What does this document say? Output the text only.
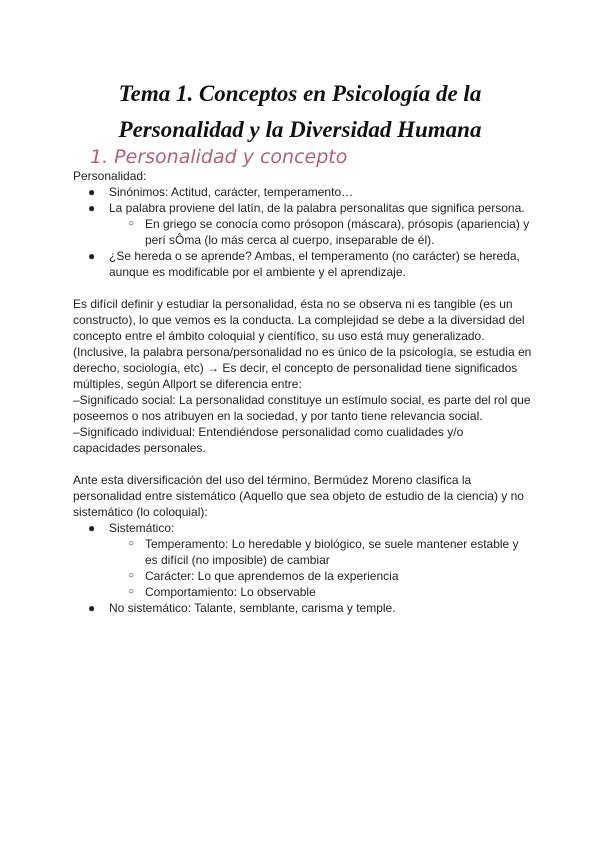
Tema 1. Conceptos en Psicología de la Personalidad y la Diversidad Humana
1. Personalidad y concepto

Personalidad:

● Sinónimos: Actitud, carácter, temperamento…
● La palabra proviene del latín, de la palabra personalitas que significa persona.
○ En griego se conocía como prósopon (máscara), prósopis (apariencia) y perí sÔma (lo más cerca al cuerpo, inseparable de él).
● ¿Se hereda o se aprende? Ambas, el temperamento (no carácter) se hereda, aunque es modificable por el ambiente y el aprendizaje.

Es difícil definir y estudiar la personalidad, ésta no se observa ni es tangible (es un constructo), lo que vemos es la conducta. La complejidad se debe a la diversidad del concepto entre el ámbito coloquial y científico, su uso está muy generalizado. (Inclusive, la palabra persona/personalidad no es único de la psicología, se estudia en derecho, sociología, etc) → Es decir, el concepto de personalidad tiene significados múltiples, según Allport se diferencia entre:

–Significado social: La personalidad constituye un estímulo social, es parte del rol que poseemos o nos atribuyen en la sociedad, y por tanto tiene relevancia social.

–Significado individual: Entendiéndose personalidad como cualidades y/o capacidades personales.

Ante esta diversificación del uso del término, Bermúdez Moreno clasifica la personalidad entre sistemático (Aquello que sea objeto de estudio de la ciencia) y no sistemático (lo coloquial):

● Sistemático:
○ Temperamento: Lo heredable y biológico, se suele mantener estable y es difícil (no imposible) de cambiar
○ Carácter: Lo que aprendemos de la experiencia
○ Comportamiento: Lo observable
● No sistemático: Talante, semblante, carisma y temple.
